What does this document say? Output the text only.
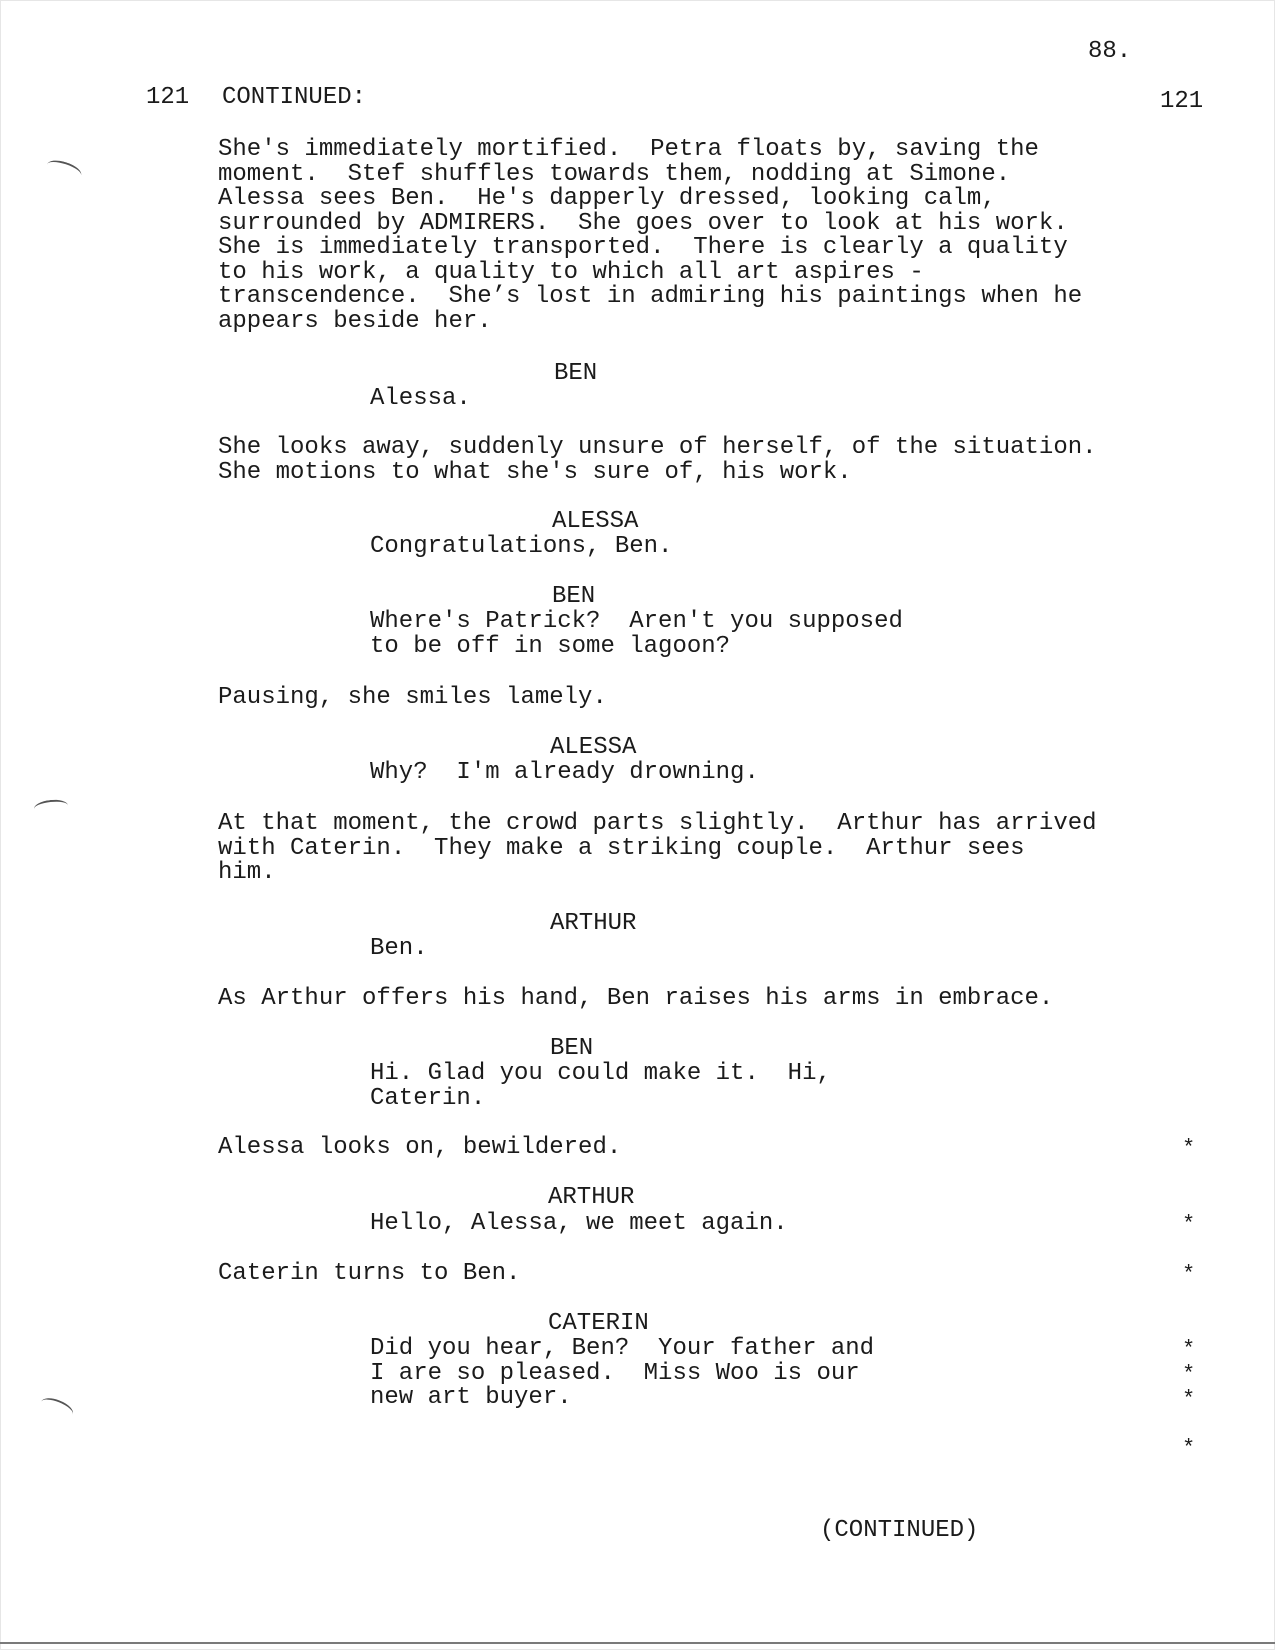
88.
121 CONTINUED:	121
She's immediately mortified.  Petra floats by, saving the
moment.  Stef shuffles towards them, nodding at Simone.
Alessa sees Ben.  He's dapperly dressed, looking calm,
surrounded by ADMIRERS.  She goes over to look at his work.
She is immediately transported.  There is clearly a quality
to his work, a quality to which all art aspires -
transcendence.  She’s lost in admiring his paintings when he
appears beside her.
BEN
Alessa.
She looks away, suddenly unsure of herself, of the situation.
She motions to what she's sure of, his work.
ALESSA
Congratulations, Ben.
BEN
Where's Patrick?  Aren't you supposed
to be off in some lagoon?
Pausing, she smiles lamely.
ALESSA
Why?  I'm already drowning.
At that moment, the crowd parts slightly.  Arthur has arrived
with Caterin.  They make a striking couple.  Arthur sees
him.
ARTHUR
Ben.
As Arthur offers his hand, Ben raises his arms in embrace.
BEN
Hi. Glad you could make it.  Hi,
Caterin.
Alessa looks on, bewildered.
ARTHUR
Hello, Alessa, we meet again.
Caterin turns to Ben.
CATERIN
Did you hear, Ben?  Your father and
I are so pleased.  Miss Woo is our
new art buyer.
*
*
*
*
*
*
*
(CONTINUED)
